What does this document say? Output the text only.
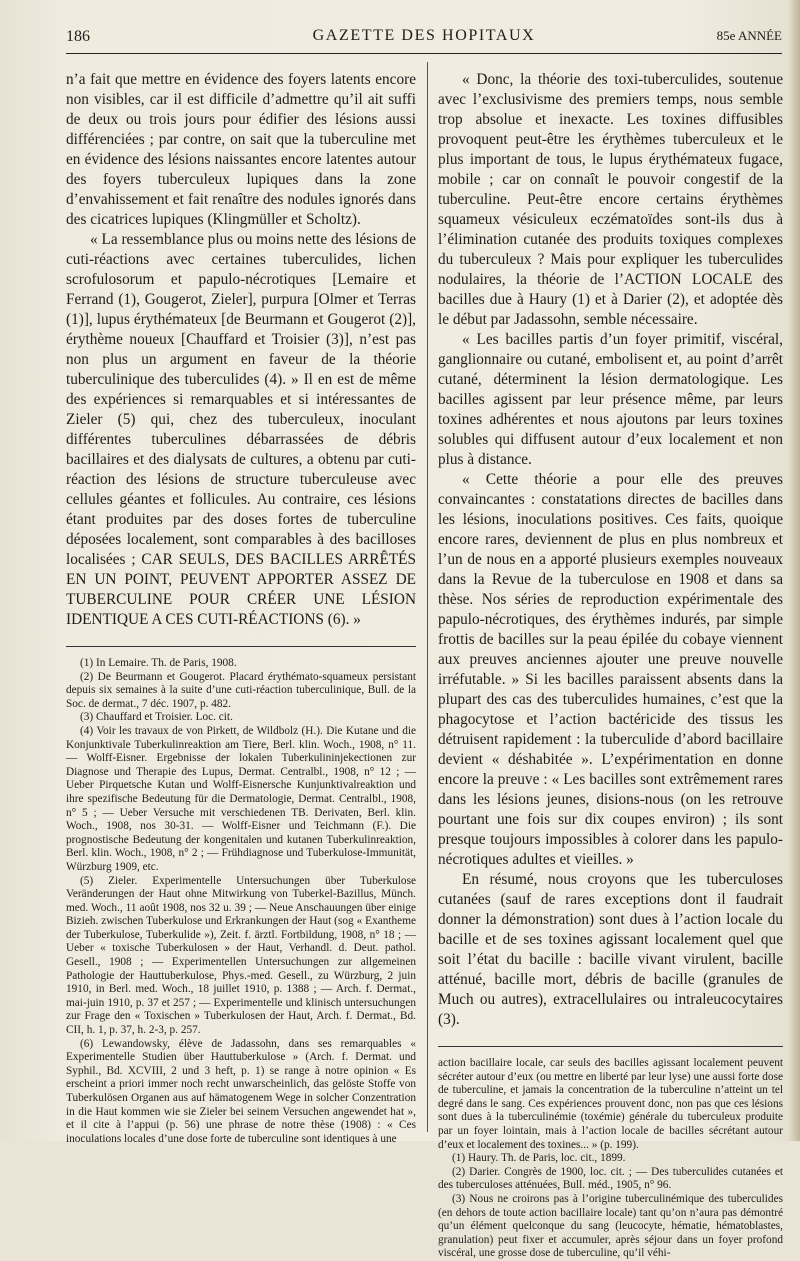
186	GAZETTE DES HOPITAUX	85e ANNÉE

n’a fait que mettre en évidence des foyers latents encore non visibles, car il est difficile d’admettre qu’il ait suffi de deux ou trois jours pour édifier des lésions aussi différenciées ; par contre, on sait que la tuberculine met en évidence des lésions naissantes encore latentes autour des foyers tuberculeux lupiques dans la zone d’envahissement et fait renaître des nodules ignorés dans des cicatrices lupiques (Klingmüller et Scholtz).

« La ressemblance plus ou moins nette des lésions de cuti-réactions avec certaines tuberculides, lichen scrofulosorum et papulo-nécrotiques [Lemaire et Ferrand (1), Gougerot, Zieler], purpura [Olmer et Terras (1)], lupus érythémateux [de Beurmann et Gougerot (2)], érythème noueux [Chauffard et Troisier (3)], n’est pas non plus un argument en faveur de la théorie tuberculinique des tuberculides (4). » Il en est de même des expériences si remarquables et si intéressantes de Zieler (5) qui, chez des tuberculeux, inoculant différentes tuberculines débarrassées de débris bacillaires et des dialysats de cultures, a obtenu par cuti-réaction des lésions de structure tuberculeuse avec cellules géantes et follicules. Au contraire, ces lésions étant produites par des doses fortes de tuberculine déposées localement, sont comparables à des bacilloses localisées ; CAR SEULS, DES BACILLES ARRÊTÉS EN UN POINT, PEUVENT APPORTER ASSEZ DE TUBERCULINE POUR CRÉER UNE LÉSION IDENTIQUE A CES CUTI-RÉACTIONS (6). »

(1) In Lemaire. Th. de Paris, 1908.

(2) De Beurmann et Gougerot. Placard érythémato-squameux persistant depuis six semaines à la suite d’une cuti-réaction tuberculinique, Bull. de la Soc. de dermat., 7 déc. 1907, p. 482.

(3) Chauffard et Troisier. Loc. cit.

(4) Voir les travaux de von Pirkett, de Wildbolz (H.). Die Kutane und die Konjunktivale Tuberkulinreaktion am Tiere, Berl. klin. Woch., 1908, n° 11. — Wolff-Eisner. Ergebnisse der lokalen Tuberkulininjekectionen zur Diagnose und Therapie des Lupus, Dermat. Centralbl., 1908, n° 12 ; — Ueber Pirquetsche Kutan und Wolff-Eisnersche Kunjunktivalreaktion und ihre spezifische Bedeutung für die Dermatologie, Dermat. Centralbl., 1908, n° 5 ; — Ueber Versuche mit verschiedenen TB. Derivaten, Berl. klin. Woch., 1908, nos 30-31. — Wolff-Eisner und Teichmann (F.). Die prognostische Bedeutung der kongenitalen und kutanen Tuberkulinreaktion, Berl. klin. Woch., 1908, n° 2 ; — Frühdiagnose und Tuberkulose-Immunität, Würzburg 1909, etc.

(5) Zieler. Experimentelle Untersuchungen über Tuberkulose Veränderungen der Haut ohne Mitwirkung von Tuberkel-Bazillus, Münch. med. Woch., 11 août 1908, nos 32 u. 39 ; — Neue Anschauungen über einige Bizieh. zwischen Tuberkulose und Erkrankungen der Haut (sog « Exantheme der Tuberkulose, Tuberkulide »), Zeit. f. ärztl. Fortbildung, 1908, n° 18 ; — Ueber « toxische Tuberkulosen » der Haut, Verhandl. d. Deut. pathol. Gesell., 1908 ; — Experimentellen Untersuchungen zur allgemeinen Pathologie der Hauttuberkulose, Phys.-med. Gesell., zu Würzburg, 2 juin 1910, in Berl. med. Woch., 18 juillet 1910, p. 1388 ; — Arch. f. Dermat., mai-juin 1910, p. 37 et 257 ; — Experimentelle und klinisch untersuchungen zur Frage den « Toxischen » Tuberkulosen der Haut, Arch. f. Dermat., Bd. CII, h. 1, p. 37, h. 2-3, p. 257.

(6) Lewandowsky, élève de Jadassohn, dans ses remarquables « Experimentelle Studien über Hauttuberkulose » (Arch. f. Dermat. und Syphil., Bd. XCVIII, 2 und 3 heft, p. 1) se range à notre opinion « Es erscheint a priori immer noch recht unwarscheinlich, das gelöste Stoffe von Tuberkulösen Organen aus auf hämatogenem Wege in solcher Conzentration in die Haut kommen wie sie Zieler bei seinem Versuchen angewendet hat », et il cite à l’appui (p. 56) une phrase de notre thèse (1908) : « Ces inoculations locales d’une dose forte de tuberculine sont identiques à une

« Donc, la théorie des toxi-tuberculides, soutenue avec l’exclusivisme des premiers temps, nous semble trop absolue et inexacte. Les toxines diffusibles provoquent peut-être les érythèmes tuberculeux et le plus important de tous, le lupus érythémateux fugace, mobile ; car on connaît le pouvoir congestif de la tuberculine. Peut-être encore certains érythèmes squameux vésiculeux eczématoïdes sont-ils dus à l’élimination cutanée des produits toxiques complexes du tuberculeux ? Mais pour expliquer les tuberculides nodulaires, la théorie de l’ACTION LOCALE des bacilles due à Haury (1) et à Darier (2), et adoptée dès le début par Jadassohn, semble nécessaire.

« Les bacilles partis d’un foyer primitif, viscéral, ganglionnaire ou cutané, embolisent et, au point d’arrêt cutané, déterminent la lésion dermatologique. Les bacilles agissent par leur présence même, par leurs toxines adhérentes et nous ajoutons par leurs toxines solubles qui diffusent autour d’eux localement et non plus à distance.

« Cette théorie a pour elle des preuves convaincantes : constatations directes de bacilles dans les lésions, inoculations positives. Ces faits, quoique encore rares, deviennent de plus en plus nombreux et l’un de nous en a apporté plusieurs exemples nouveaux dans la Revue de la tuberculose en 1908 et dans sa thèse. Nos séries de reproduction expérimentale des papulo-nécrotiques, des érythèmes indurés, par simple frottis de bacilles sur la peau épilée du cobaye viennent aux preuves anciennes ajouter une preuve nouvelle irréfutable. » Si les bacilles paraissent absents dans la plupart des cas des tuberculides humaines, c’est que la phagocytose et l’action bactéricide des tissus les détruisent rapidement : la tuberculide d’abord bacillaire devient « déshabitée ». L’expérimentation en donne encore la preuve : « Les bacilles sont extrêmement rares dans les lésions jeunes, disions-nous (on les retrouve pourtant une fois sur dix coupes environ) ; ils sont presque toujours impossibles à colorer dans les papulo-nécrotiques adultes et vieilles. »

En résumé, nous croyons que les tuberculoses cutanées (sauf de rares exceptions dont il faudrait donner la démonstration) sont dues à l’action locale du bacille et de ses toxines agissant localement quel que soit l’état du bacille : bacille vivant virulent, bacille atténué, bacille mort, débris de bacille (granules de Much ou autres), extracellulaires ou intraleucocytaires (3).

action bacillaire locale, car seuls des bacilles agissant localement peuvent sécréter autour d’eux (ou mettre en liberté par leur lyse) une aussi forte dose de tuberculine, et jamais la concentration de la tuberculine n’atteint un tel degré dans le sang. Ces expériences prouvent donc, non pas que ces lésions sont dues à la tuberculinémie (toxémie) générale du tuberculeux produite par un foyer lointain, mais à l’action locale de bacilles sécrétant autour d’eux et localement des toxines... » (p. 199).

(1) Haury. Th. de Paris, loc. cit., 1899.

(2) Darier. Congrès de 1900, loc. cit. ; — Des tuberculides cutanées et des tuberculoses atténuées, Bull. méd., 1905, n° 96.

(3) Nous ne croirons pas à l’origine tuberculinémique des tuberculides (en dehors de toute action bacillaire locale) tant qu’on n’aura pas démontré qu’un élément quelconque du sang (leucocyte, hématie, hématoblastes, granulation) peut fixer et accumuler, après séjour dans un foyer profond viscéral, une grosse dose de tuberculine, qu’il véhi-
